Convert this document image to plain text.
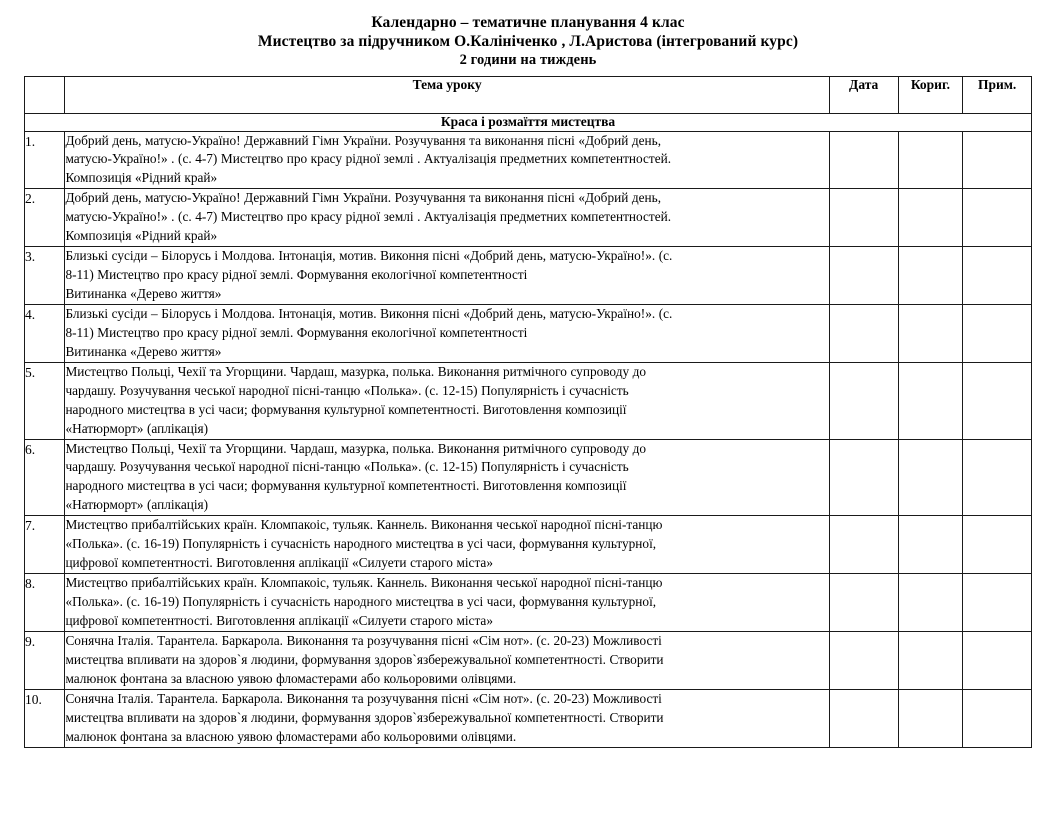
Календарно – тематичне планування 4 клас
Мистецтво за підручником О.Калініченко , Л.Аристова (інтегрований курс)
2 години на тиждень
	Тема уроку	Дата	Кориг.	Прим.
Краса і розмаїття мистецтва				
1.	Добрий день, матусю-Україно! Державний Гімн України. Розучування та виконання пісні «Добрий день,
матусю-Україно!» . (с. 4-7) Мистецтво про красу рідної землі . Актуалізація предметних компетентностей.
Композиція «Рідний край»			

2.	Добрий день, матусю-Україно! Державний Гімн України. Розучування та виконання пісні «Добрий день,
матусю-Україно!» . (с. 4-7) Мистецтво про красу рідної землі . Актуалізація предметних компетентностей.
Композиція «Рідний край»			

3.	Близькі сусіди – Білорусь і Молдова. Інтонація, мотив. Виконня пісні «Добрий день, матусю-Україно!». (с.
8-11) Мистецтво про красу рідної землі. Формування екологічної компетентності
Витинанка «Дерево життя»			

4.	Близькі сусіди – Білорусь і Молдова. Інтонація, мотив. Виконня пісні «Добрий день, матусю-Україно!». (с.
8-11) Мистецтво про красу рідної землі. Формування екологічної компетентності
Витинанка «Дерево життя»			

5.	Мистецтво Польці, Чехії та Угорщини. Чардаш, мазурка, полька. Виконання ритмічного супроводу до
чардашу. Розучування чеської народної пісні-танцю «Полька». (с. 12-15) Популярність і сучасність
народного мистецтва в усі часи; формування культурної компетентності. Виготовлення композиції
«Натюрморт» (аплікація)			

6.	Мистецтво Польці, Чехії та Угорщини. Чардаш, мазурка, полька. Виконання ритмічного супроводу до
чардашу. Розучування чеської народної пісні-танцю «Полька». (с. 12-15) Популярність і сучасність
народного мистецтва в усі часи; формування культурної компетентності. Виготовлення композиції
«Натюрморт» (аплікація)			

7.	Мистецтво прибалтійських країн. Кломпакоіс, тульяк. Каннель. Виконання чеської народної пісні-танцю
«Полька». (с. 16-19) Популярність і сучасність народного мистецтва в усі часи, формування культурної,
цифрової компетентності. Виготовлення аплікації «Силуети старого міста»			

8.	Мистецтво прибалтійських країн. Кломпакоіс, тульяк. Каннель. Виконання чеської народної пісні-танцю
«Полька». (с. 16-19) Популярність і сучасність народного мистецтва в усі часи, формування культурної,
цифрової компетентності. Виготовлення аплікації «Силуети старого міста»			

9.	Сонячна Італія. Тарантела. Баркарола. Виконання та розучування пісні «Сім нот». (с. 20-23) Можливості
мистецтва впливати на здоров`я людини, формування здоров`язбережувальної компетентності. Створити
малюнок фонтана за власною уявою фломастерами або кольоровими олівцями.			

10.	Сонячна Італія. Тарантела. Баркарола. Виконання та розучування пісні «Сім нот». (с. 20-23) Можливості
мистецтва впливати на здоров`я людини, формування здоров`язбережувальної компетентності. Створити
малюнок фонтана за власною уявою фломастерами або кольоровими олівцями.			
